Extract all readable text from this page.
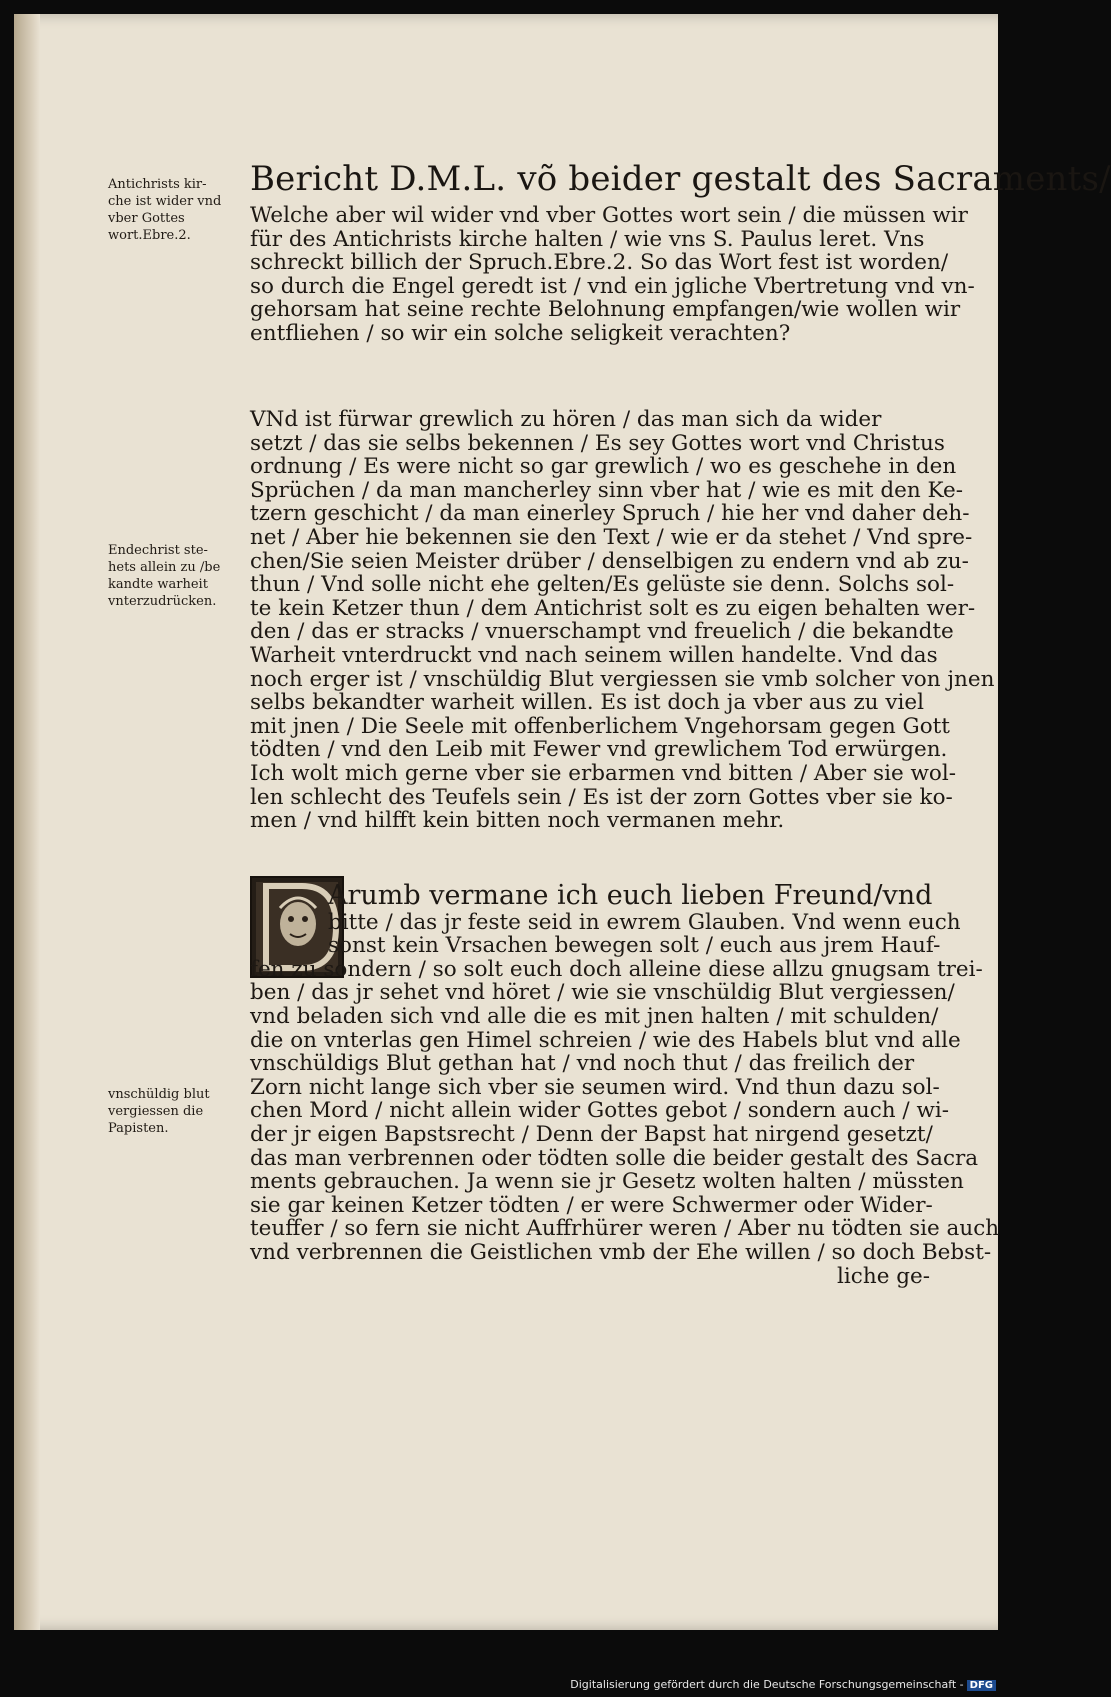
Bericht D.M.L. võ beider gestalt des Sacraments/
Antichrists kir-
che ist wider vnd
vber Gottes
wort.Ebre.2.
Endechrist ste-
hets allein zu /be
kandte warheit
vnterzudrücken.
vnschüldig blut
vergiessen die
Papisten.
Welche aber wil wider vnd vber Gottes wort sein / die müssen wir
für des Antichrists kirche halten / wie vns S. Paulus leret. Vns
schreckt billich der Spruch.Ebre.2. So das Wort fest ist worden/
so durch die Engel geredt ist / vnd ein jgliche Vbertretung vnd vn-
gehorsam hat seine rechte Belohnung empfangen/wie wollen wir
entfliehen / so wir ein solche seligkeit verachten?
VNd ist fürwar grewlich zu hören / das man sich da wider
setzt / das sie selbs bekennen / Es sey Gottes wort vnd Christus
ordnung / Es were nicht so gar grewlich / wo es geschehe in den
Sprüchen / da man mancherley sinn vber hat / wie es mit den Ke-
tzern geschicht / da man einerley Spruch / hie her vnd daher deh-
net / Aber hie bekennen sie den Text / wie er da stehet / Vnd spre-
chen/Sie seien Meister drüber / denselbigen zu endern vnd ab zu-
thun / Vnd solle nicht ehe gelten/Es gelüste sie denn. Solchs sol-
te kein Ketzer thun / dem Antichrist solt es zu eigen behalten wer-
den / das er stracks / vnuerschampt vnd freuelich / die bekandte
Warheit vnterdruckt vnd nach seinem willen handelte. Vnd das
noch erger ist / vnschüldig Blut vergiessen sie vmb solcher von jnen
selbs bekandter warheit willen. Es ist doch ja vber aus zu viel
mit jnen / Die Seele mit offenberlichem Vngehorsam gegen Gott
tödten / vnd den Leib mit Fewer vnd grewlichem Tod erwürgen.
Ich wolt mich gerne vber sie erbarmen vnd bitten / Aber sie wol-
len schlecht des Teufels sein / Es ist der zorn Gottes vber sie ko-
men / vnd hilfft kein bitten noch vermanen mehr.
Arumb vermane ich euch lieben Freund/vnd
bitte / das jr feste seid in ewrem Glauben. Vnd wenn euch
sonst kein Vrsachen bewegen solt / euch aus jrem Hauf-
fen zu sondern / so solt euch doch alleine diese allzu gnugsam trei-
ben / das jr sehet vnd höret / wie sie vnschüldig Blut vergiessen/
vnd beladen sich vnd alle die es mit jnen halten / mit schulden/
die on vnterlas gen Himel schreien / wie des Habels blut vnd alle
vnschüldigs Blut gethan hat / vnd noch thut / das freilich der
Zorn nicht lange sich vber sie seumen wird. Vnd thun dazu sol-
chen Mord / nicht allein wider Gottes gebot / sondern auch / wi-
der jr eigen Bapstsrecht / Denn der Bapst hat nirgend gesetzt/
das man verbrennen oder tödten solle die beider gestalt des Sacra
ments gebrauchen. Ja wenn sie jr Gesetz wolten halten / müssten
sie gar keinen Ketzer tödten / er were Schwermer oder Wider-
teuffer / so fern sie nicht Auffrhürer weren / Aber nu tödten sie auch
vnd verbrennen die Geistlichen vmb der Ehe willen / so doch Bebst-
liche ge-
Digitalisierung gefördert durch die Deutsche Forschungsgemeinschaft - DFG
